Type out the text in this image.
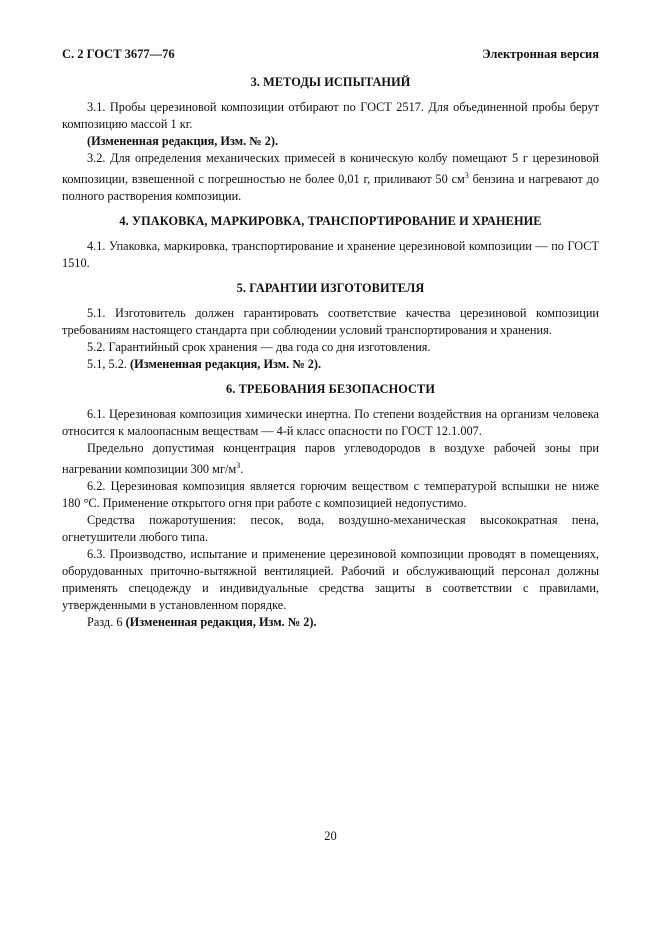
С. 2 ГОСТ 3677—76	Электронная версия
3. МЕТОДЫ ИСПЫТАНИЙ

3.1. Пробы церезиновой композиции отбирают по ГОСТ 2517. Для объединенной пробы берут композицию массой 1 кг.

(Измененная редакция, Изм. № 2).

3.2. Для определения механических примесей в коническую колбу помещают 5 г церезиновой композиции, взвешенной с погрешностью не более 0,01 г, приливают 50 $см^3$ бензина и нагревают до полного растворения композиции.

4. УПАКОВКА, МАРКИРОВКА, ТРАНСПОРТИРОВАНИЕ И ХРАНЕНИЕ

4.1. Упаковка, маркировка, транспортирование и хранение церезиновой композиции — по ГОСТ 1510.

5. ГАРАНТИИ ИЗГОТОВИТЕЛЯ

5.1. Изготовитель должен гарантировать соответствие качества церезиновой композиции требованиям настоящего стандарта при соблюдении условий транспортирования и хранения.

5.2. Гарантийный срок хранения — два года со дня изготовления.

5.1, 5.2. (Измененная редакция, Изм. № 2).

6. ТРЕБОВАНИЯ БЕЗОПАСНОСТИ

6.1. Церезиновая композиция химически инертна. По степени воздействия на организм человека относится к малоопасным веществам — 4-й класс опасности по ГОСТ 12.1.007.

Предельно допустимая концентрация паров углеводородов в воздухе рабочей зоны при нагревании композиции 300 $мг/м^3$.

6.2. Церезиновая композиция является горючим веществом с температурой вспышки не ниже 180 °С. Применение открытого огня при работе с композицией недопустимо.

Средства пожаротушения: песок, вода, воздушно-механическая высокократная пена, огнетушители любого типа.

6.3. Производство, испытание и применение церезиновой композиции проводят в помещениях, оборудованных приточно-вытяжной вентиляцией. Рабочий и обслуживающий персонал должны применять спецодежду и индивидуальные средства защиты в соответствии с правилами, утвержденными в установленном порядке.

Разд. 6 (Измененная редакция, Изм. № 2).

20
